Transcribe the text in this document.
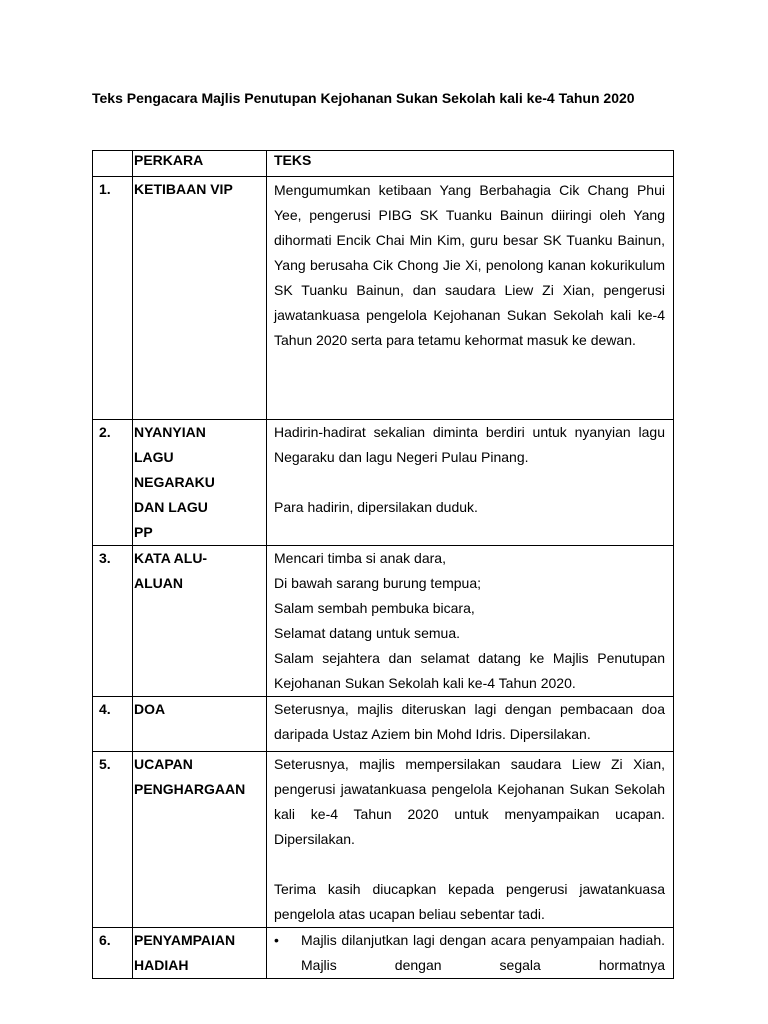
Teks Pengacara Majlis Penutupan Kejohanan Sukan Sekolah kali ke-4 Tahun 2020
	PERKARA	TEKS
1.	KETIBAAN VIP	Mengumumkan ketibaan Yang Berbahagia Cik Chang Phui Yee, pengerusi PIBG SK Tuanku Bainun diiringi oleh Yang dihormati Encik Chai Min Kim, guru besar SK Tuanku Bainun, Yang berusaha Cik Chong Jie Xi, penolong kanan kokurikulum SK Tuanku Bainun, dan saudara Liew Zi Xian, pengerusi jawatankuasa pengelola Kejohanan Sukan Sekolah kali ke-4 Tahun 2020 serta para tetamu kehormat masuk ke dewan.

2.	NYANYIAN LAGU NEGARAKU DAN LAGU PP	Hadirin-hadirat sekalian diminta berdiri untuk nyanyian lagu Negaraku dan lagu Negeri Pulau Pinang.

Para hadirin, dipersilakan duduk.

3.	KATA ALU-ALUAN	Mencari timba si anak dara,

Di bawah sarang burung tempua;

Salam sembah pembuka bicara,

Selamat datang untuk semua.

Salam sejahtera dan selamat datang ke Majlis Penutupan Kejohanan Sukan Sekolah kali ke-4 Tahun 2020.

4.	DOA	Seterusnya, majlis diteruskan lagi dengan pembacaan doa daripada Ustaz Aziem bin Mohd Idris. Dipersilakan.

5.	UCAPAN PENGHARGAAN	Seterusnya, majlis mempersilakan saudara Liew Zi Xian, pengerusi jawatankuasa pengelola Kejohanan Sukan Sekolah kali ke-4 Tahun 2020 untuk menyampaikan ucapan. Dipersilakan.

Terima kasih diucapkan kepada pengerusi jawatankuasa pengelola atas ucapan beliau sebentar tadi.

6.	PENYAMPAIAN HADIAH	• Majlis dilanjutkan lagi dengan acara penyampaian hadiah. Majlis dengan segala hormatnya
